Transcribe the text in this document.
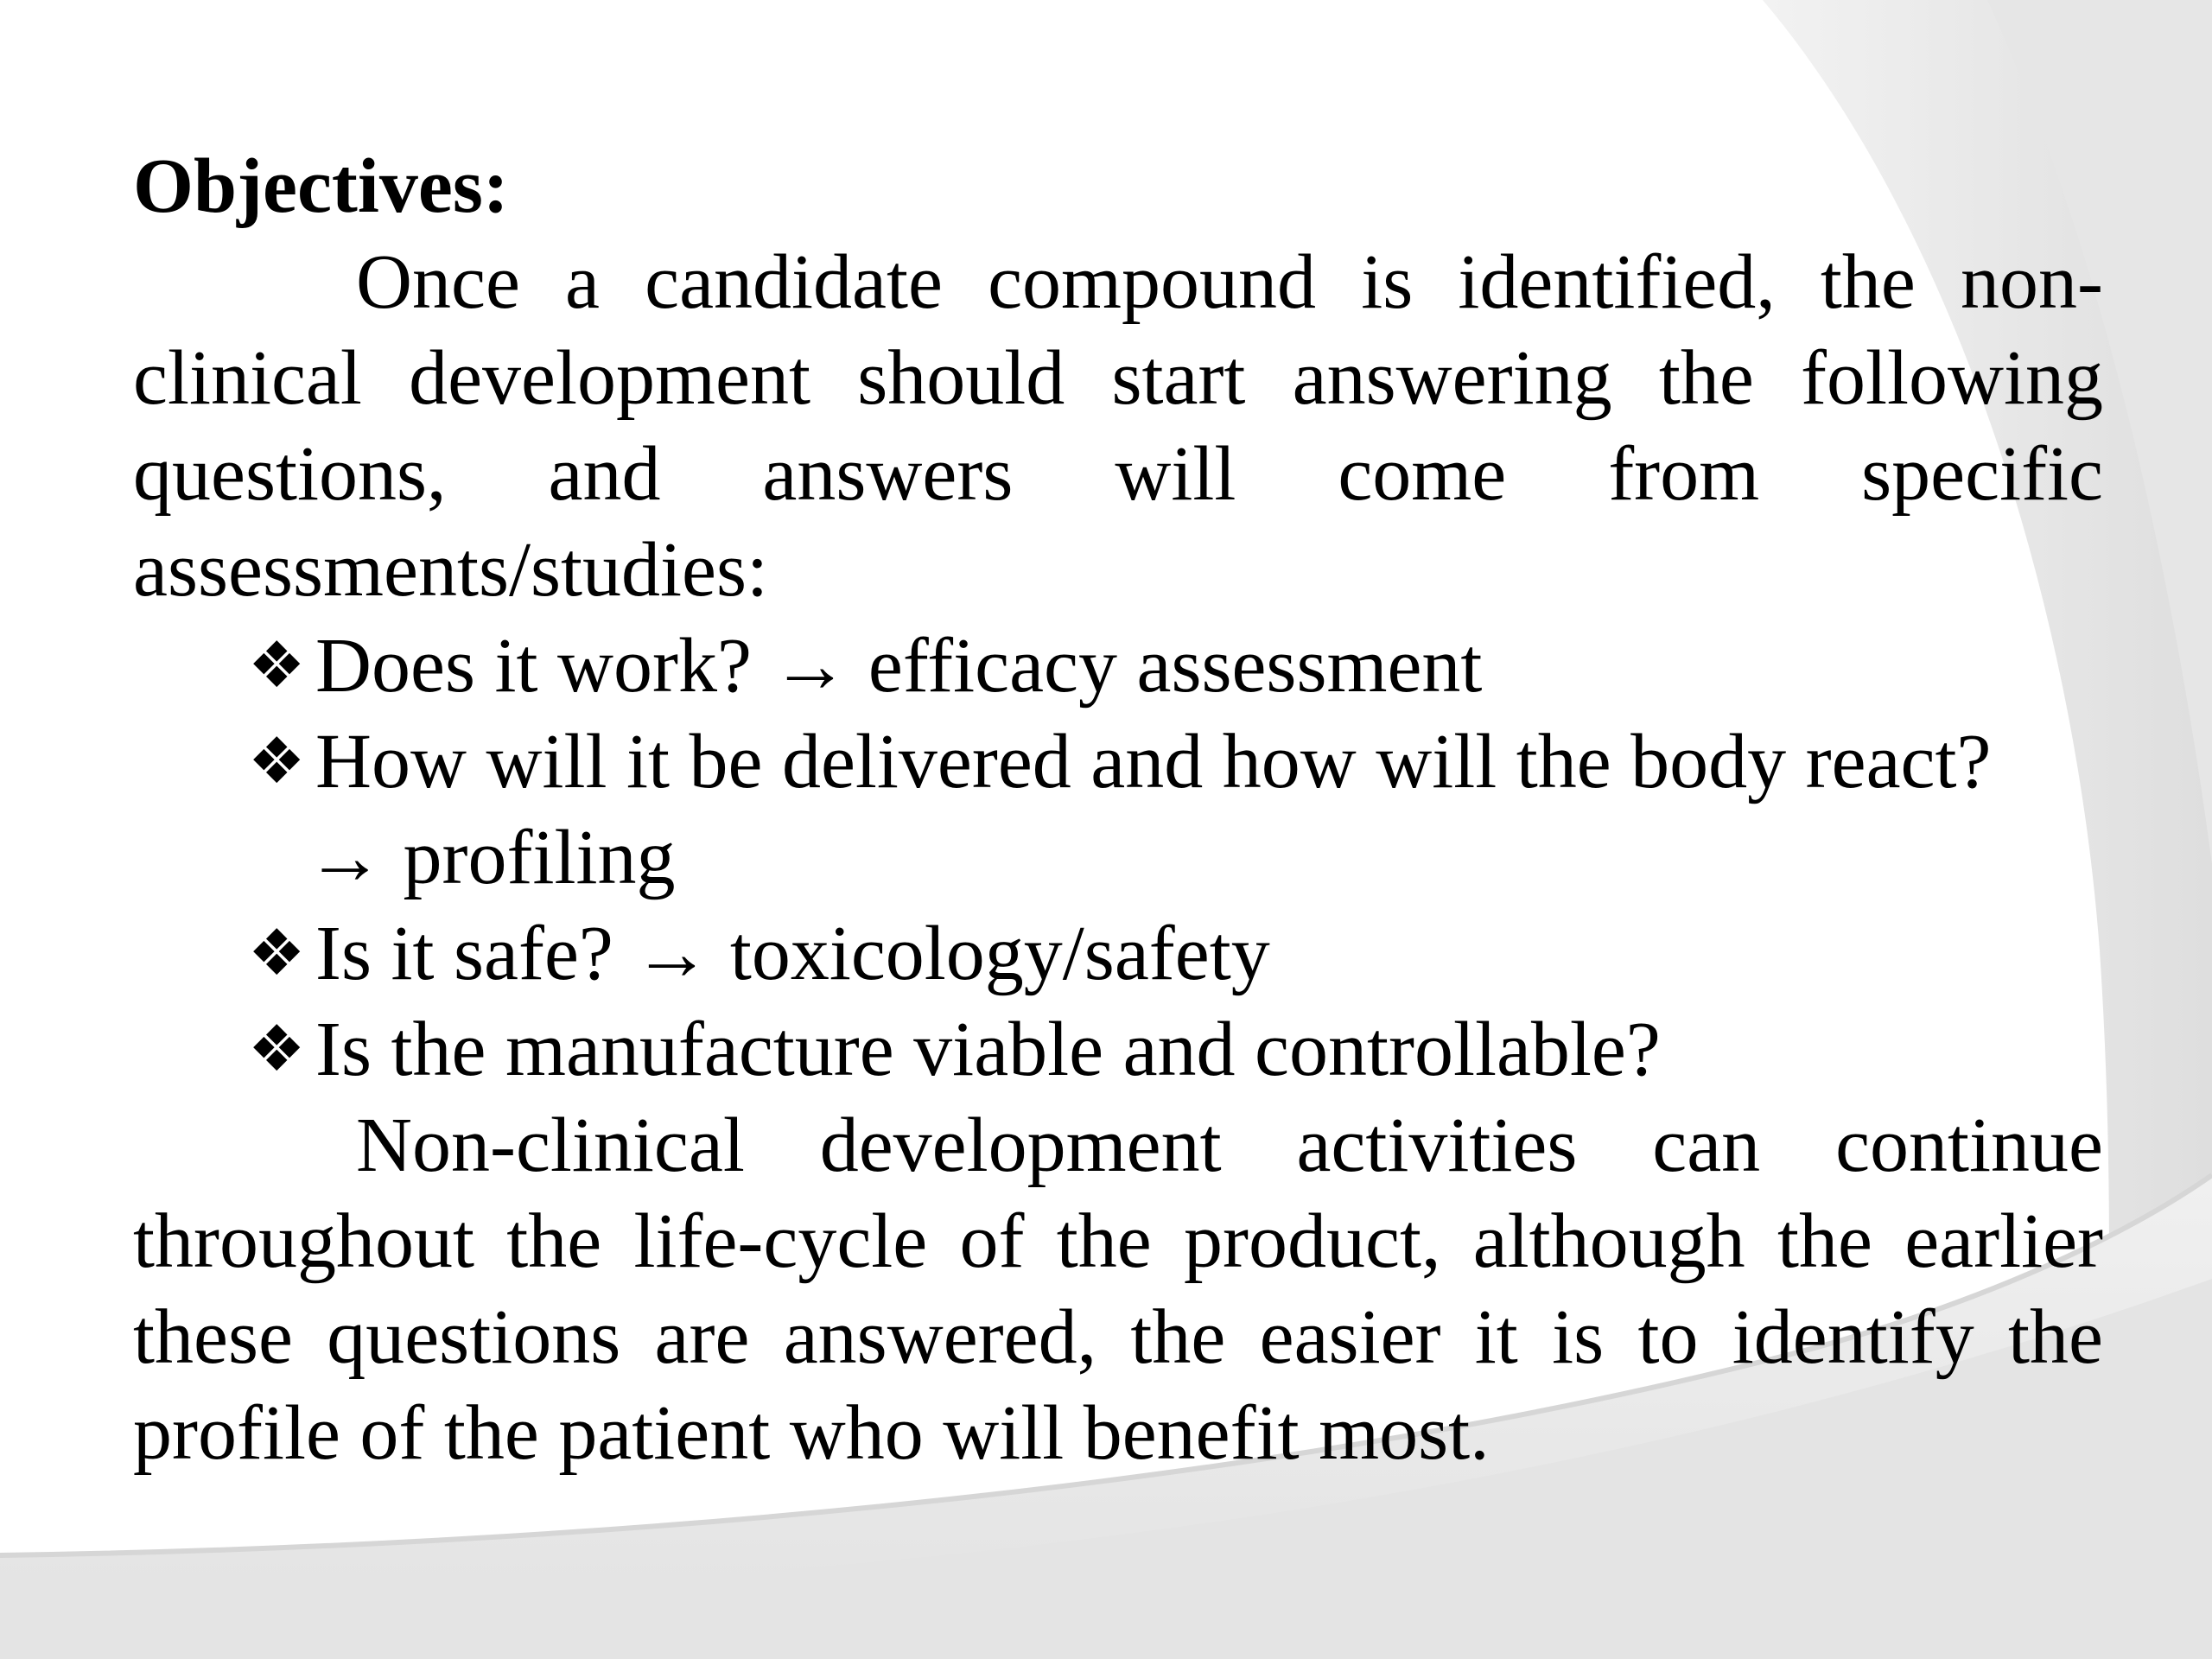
Objectives:

Once a candidate compound is identified, the non-clinical development should start answering the following questions, and answers will come from specific assessments/studies:

❖ Does it work? → efficacy assessment
❖ How will it be delivered and how will the body react?
→ profiling
❖ Is it safe? → toxicology/safety
❖ Is the manufacture viable and controllable?

Non-clinical development activities can continue throughout the life-cycle of the product, although the earlier these questions are answered, the easier it is to identify the profile of the patient who will benefit most.
